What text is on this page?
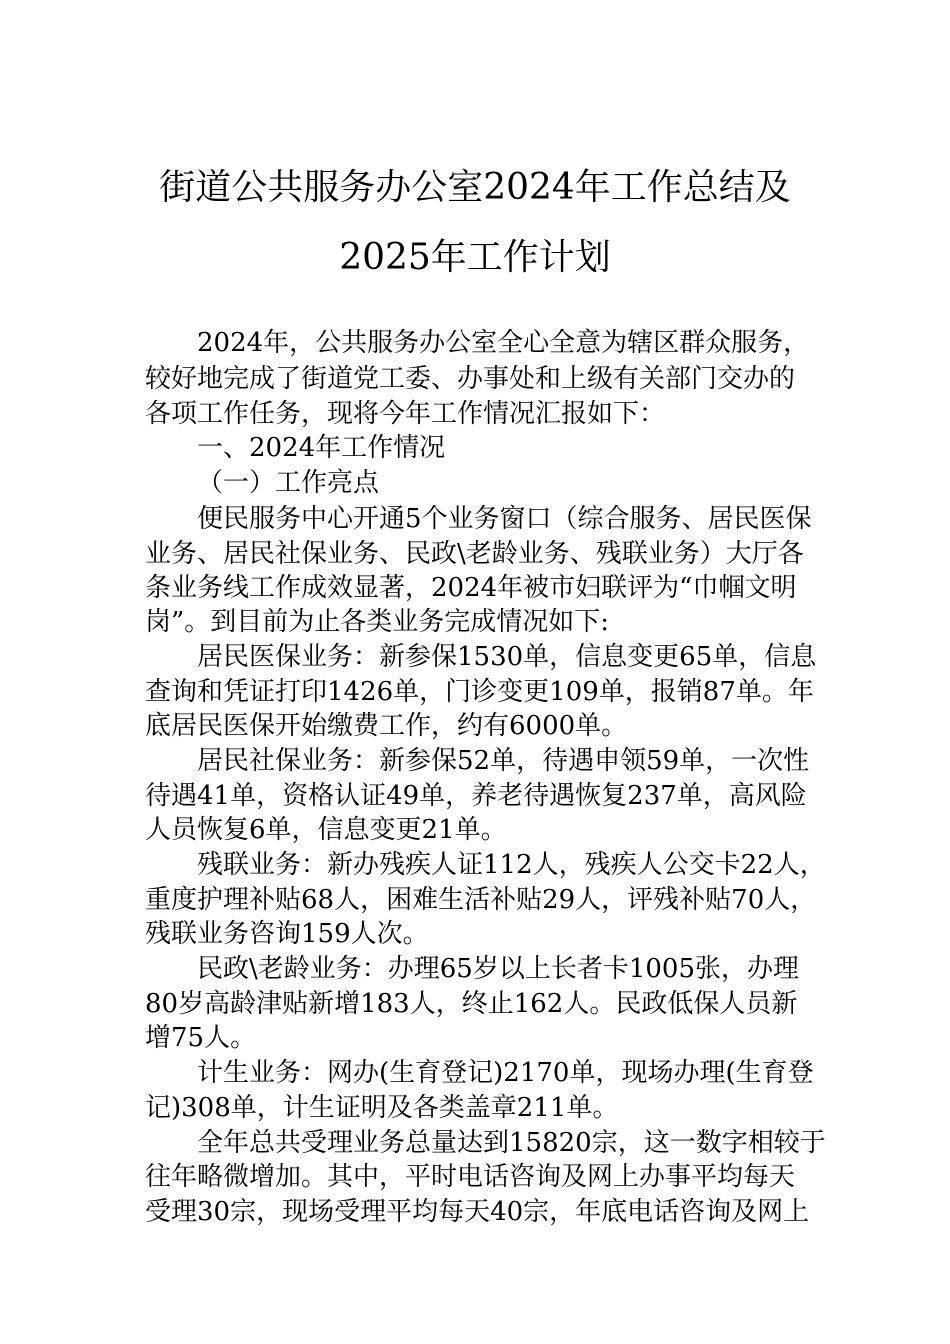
街道公共服务办公室2024年工作总结及
2025年工作计划
2024年，公共服务办公室全心全意为辖区群众服务，
较好地完成了街道党工委、办事处和上级有关部门交办的
各项工作任务，现将今年工作情况汇报如下：
一、2024年工作情况
（一）工作亮点
便民服务中心开通5个业务窗口（综合服务、居民医保
业务、居民社保业务、民政\老龄业务、残联业务）大厅各
条业务线工作成效显著，2024年被市妇联评为“巾帼文明
岗”。到目前为止各类业务完成情况如下:
居民医保业务：新参保1530单，信息变更65单，信息
查询和凭证打印1426单，门诊变更109单，报销87单。年
底居民医保开始缴费工作，约有6000单。
居民社保业务：新参保52单，待遇申领59单，一次性
待遇41单，资格认证49单，养老待遇恢复237单，高风险
人员恢复6单，信息变更21单。
残联业务：新办残疾人证112人，残疾人公交卡22人，
重度护理补贴68人，困难生活补贴29人，评残补贴70人，
残联业务咨询159人次。
民政\老龄业务：办理65岁以上长者卡1005张，办理
80岁高龄津贴新增183人，终止162人。民政低保人员新
增75人。
计生业务：网办(生育登记)2170单，现场办理(生育登
记)308单，计生证明及各类盖章211单。
全年总共受理业务总量达到15820宗，这一数字相较于
往年略微增加。其中，平时电话咨询及网上办事平均每天
受理30宗，现场受理平均每天40宗，年底电话咨询及网上
